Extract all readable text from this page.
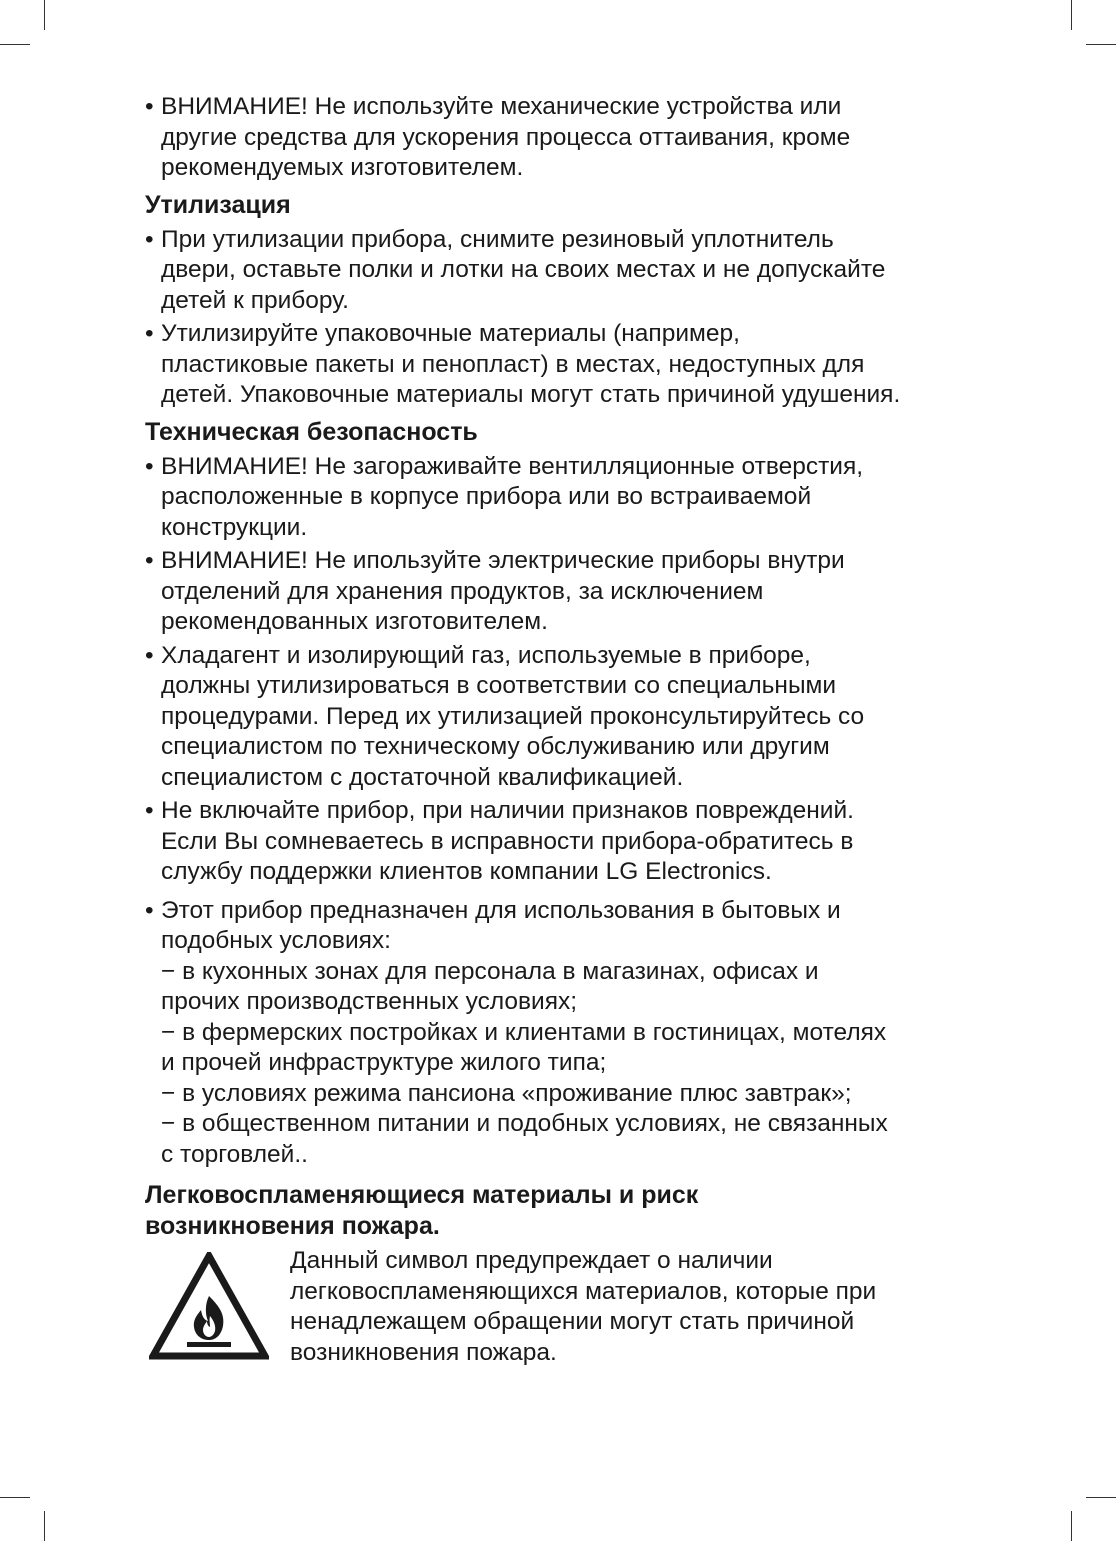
• ВНИМАНИЕ! Не используйте механические устройства или
другие средства для ускорения процесса оттаивания, кроме
рекомендуемых изготовителем.
Утилизация
• При утилизации прибора, снимите резиновый уплотнитель
двери, оставьте полки и лотки на своих местах и не допускайте
детей к прибору.
• Утилизируйте упаковочные материалы (например,
пластиковые пакеты и пенопласт) в местах, недоступных для
детей. Упаковочные материалы могут стать причиной удушения.
Техническая безопасность
• ВНИМАНИЕ! Не загораживайте вентилляционные отверстия,
расположенные в корпусе прибора или во встраиваемой
конструкции.
• ВНИМАНИЕ! Не ипользуйте электрические приборы внутри
отделений для хранения продуктов, за исключением
рекомендованных изготовителем.
• Хладагент и изолирующий газ, используемые в приборе,
должны утилизироваться в соответствии со специальными
процедурами. Перед их утилизацией проконсультируйтесь со
специалистом по техническому обслуживанию или другим
специалистом с достаточной квалификацией.
• Не включайте прибор, при наличии признаков повреждений.
Если Вы сомневаетесь в исправности прибора-обратитесь в
службу поддержки клиентов компании LG Electronics.
• Этот прибор предназначен для использования в бытовых и
подобных условиях:
− в кухонных зонах для персонала в магазинах, офисах и
прочих производственных условиях;
− в фермерских постройках и клиентами в гостиницах, мотелях
и прочей инфраструктуре жилого типа;
− в условиях режима пансиона «проживание плюс завтрак»;
− в общественном питании и подобных условиях, не связанных
с торговлей..
Легковоспламеняющиеся материалы и риск
возникновения пожара.
Данный символ предупреждает о наличии
легковоспламеняющихся материалов, которые при
ненадлежащем обращении могут стать причиной
возникновения пожара.
